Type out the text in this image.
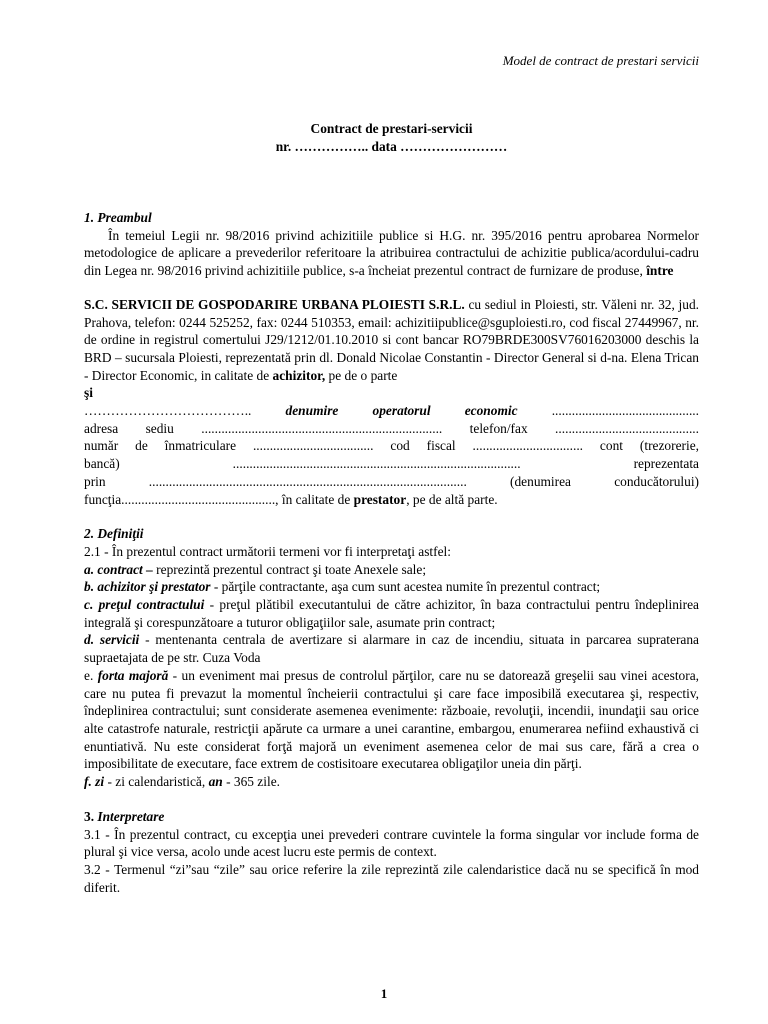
Model de contract de prestari servicii
Contract de prestari-servicii
nr. …………….. data ……………………

1. Preambul

În temeiul Legii nr. 98/2016 privind achizitiile publice si H.G. nr. 395/2016 pentru aprobarea Normelor metodologice de aplicare a prevederilor referitoare la atribuirea contractului de achizitie publica/acordului-cadru din Legea nr. 98/2016 privind achizitiile publice, s-a încheiat prezentul contract de furnizare de produse, între

S.C. SERVICII DE GOSPODARIRE URBANA PLOIESTI S.R.L. cu sediul in Ploiesti, str. Văleni nr. 32, jud. Prahova, telefon: 0244 525252, fax: 0244 510353, email: achizitiipublice@sguploiesti.ro, cod fiscal 27449967, nr. de ordine in registrul comertului J29/1212/01.10.2010 si cont bancar RO79BRDE300SV76016203000 deschis la BRD – sucursala Ploiesti, reprezentată prin dl. Donald Nicolae Constantin - Director General si d-na. Elena Trican - Director Economic, in calitate de achizitor, pe de o parte

şi

……………………………….. denumire operatorul economic ............................................

adresa sediu ........................................................................ telefon/fax ...........................................

număr de înmatriculare .................................... cod fiscal ................................. cont (trezorerie,

bancă) ...................................................................................... reprezentata

prin ............................................................................................... (denumirea conducătorului)

funcţia.............................................., în calitate de prestator, pe de altă parte.

2. Definiţii

2.1 - În prezentul contract următorii termeni vor fi interpretaţi astfel:

a. contract – reprezintă prezentul contract şi toate Anexele sale;

b. achizitor şi prestator - părţile contractante, aşa cum sunt acestea numite în prezentul contract;

c. preţul contractului - preţul plătibil executantului de către achizitor, în baza contractului pentru îndeplinirea integrală şi corespunzătoare a tuturor obligaţiilor sale, asumate prin contract;

d. servicii - mentenanta centrala de avertizare si alarmare in caz de incendiu, situata in parcarea supraterana supraetajata de pe str. Cuza Voda

e. forta majoră - un eveniment mai presus de controlul părţilor, care nu se datorează greşelii sau vinei acestora, care nu putea fi prevazut la momentul încheierii contractului şi care face imposibilă executarea şi, respectiv, îndeplinirea contractului; sunt considerate asemenea evenimente: războaie, revoluţii, incendii, inundaţii sau orice alte catastrofe naturale, restricţii apărute ca urmare a unei carantine, embargou, enumerarea nefiind exhaustivă ci enuntiativă. Nu este considerat forţă majoră un eveniment asemenea celor de mai sus care, fără a crea o imposibilitate de executare, face extrem de costisitoare executarea obligaţilor uneia din părţi.

f. zi - zi calendaristică, an - 365 zile.

3. Interpretare

3.1 - În prezentul contract, cu excepţia unei prevederi contrare cuvintele la forma singular vor include forma de plural şi vice versa, acolo unde acest lucru este permis de context.

3.2 - Termenul “zi”sau “zile” sau orice referire la zile reprezintă zile calendaristice dacă nu se specifică în mod diferit.

1
